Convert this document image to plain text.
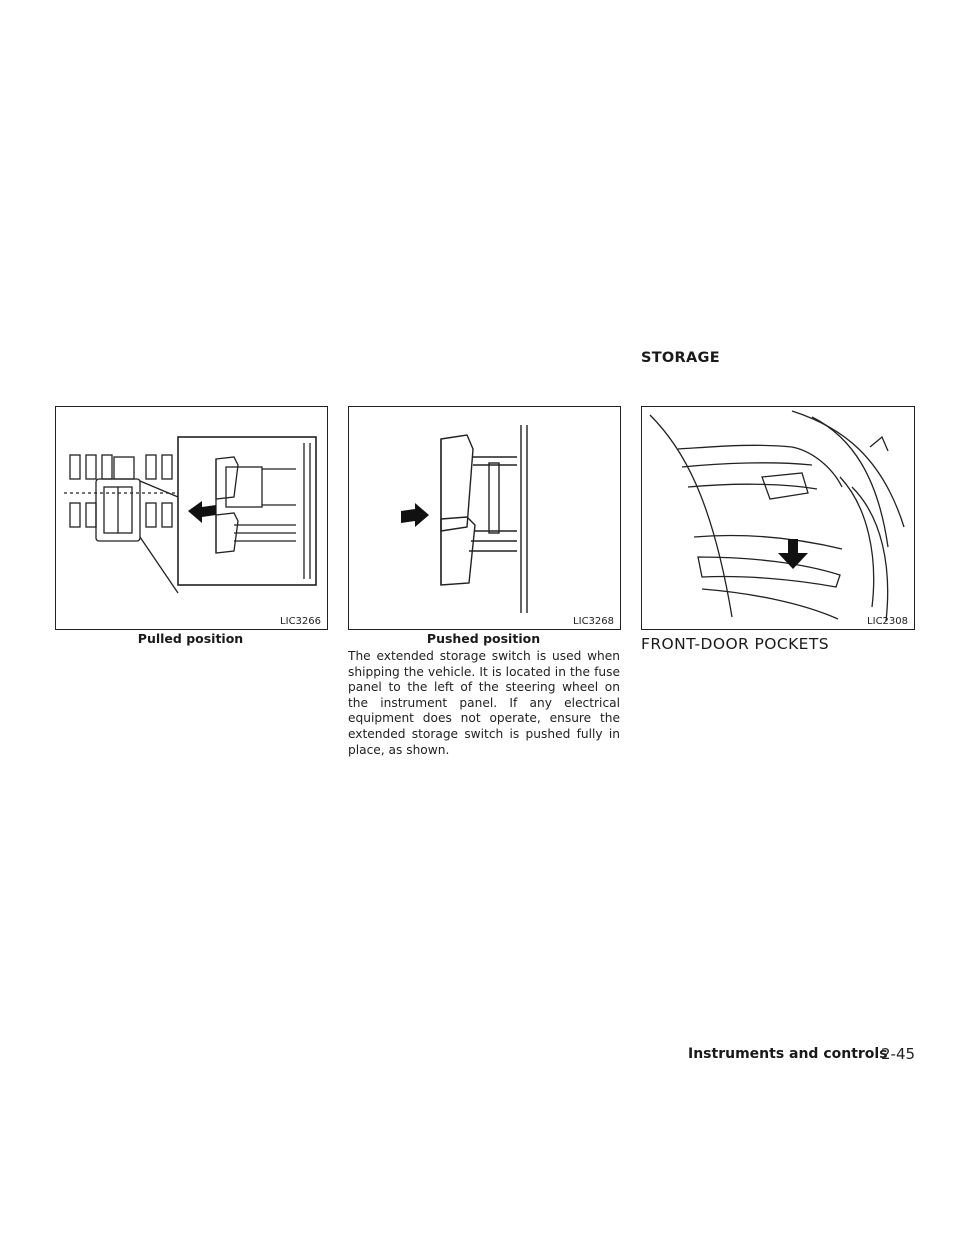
LIC3266
Pulled position
LIC3268
Pushed position
STORAGE
LIC2308
The extended storage switch is used when shipping the vehicle. It is located in the fuse panel to the left of the steering wheel on the instrument panel. If any electrical equipment does not operate, ensure the extended storage switch is pushed fully in place, as shown.
FRONT-DOOR POCKETS
Instruments and controls
2-45
